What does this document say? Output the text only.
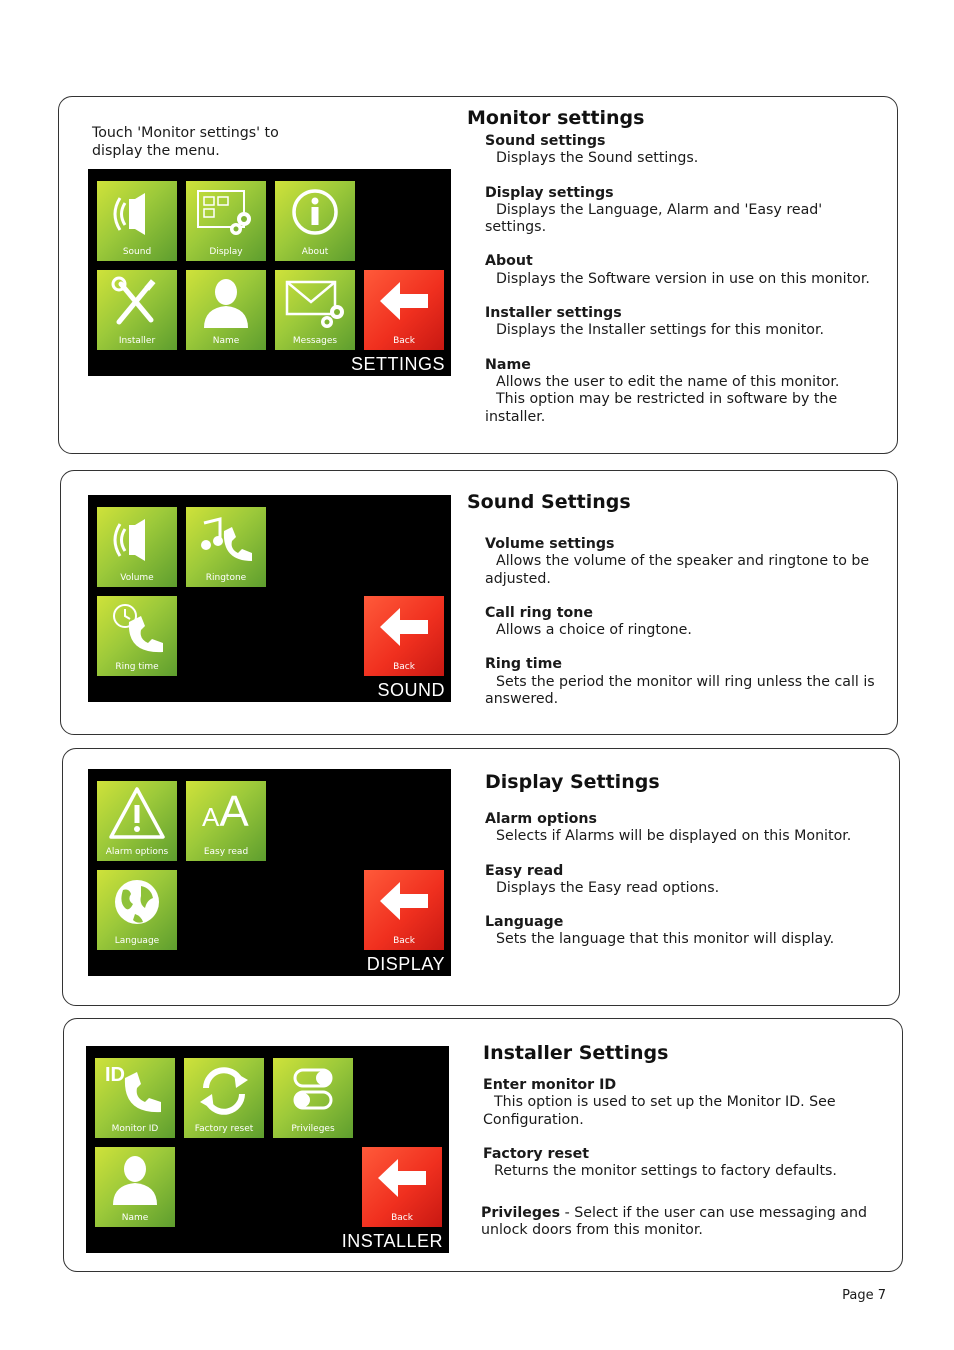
Touch 'Monitor settings' to display the menu.
Sound	Display	About
Installer	Name	Messages	Back
SETTINGS
Monitor settings
Sound settings
Displays the Sound settings.
Display settings
Displays the Language, Alarm and 'Easy read' settings.
About
Displays the Software version in use on this monitor.
Installer settings
Displays the Installer settings for this monitor.
Name
Allows the user to edit the name of this monitor.
This option may be restricted in software by the installer.
Volume	Ringtone
Ring time	Back
SOUND
Sound Settings
Volume settings
Allows the volume of the speaker and ringtone to be adjusted.
Call ring tone
Allows a choice of ringtone.
Ring time
Sets the period the monitor will ring unless the call is answered.
Alarm options
AA
Easy read
Language	Back
DISPLAY
Display Settings
Alarm options
Selects if Alarms will be displayed on this Monitor.
Easy read
Displays the Easy read options.
Language
Sets the language that this monitor will display.
ID
Monitor ID	Factory reset	Privileges
Name	Back
INSTALLER
Installer Settings
Enter monitor ID
This option is used to set up the Monitor ID. See Configuration.
Factory reset
Returns the monitor settings to factory defaults.
Privileges - Select if the user can use messaging and unlock doors from this monitor.
Page 7
